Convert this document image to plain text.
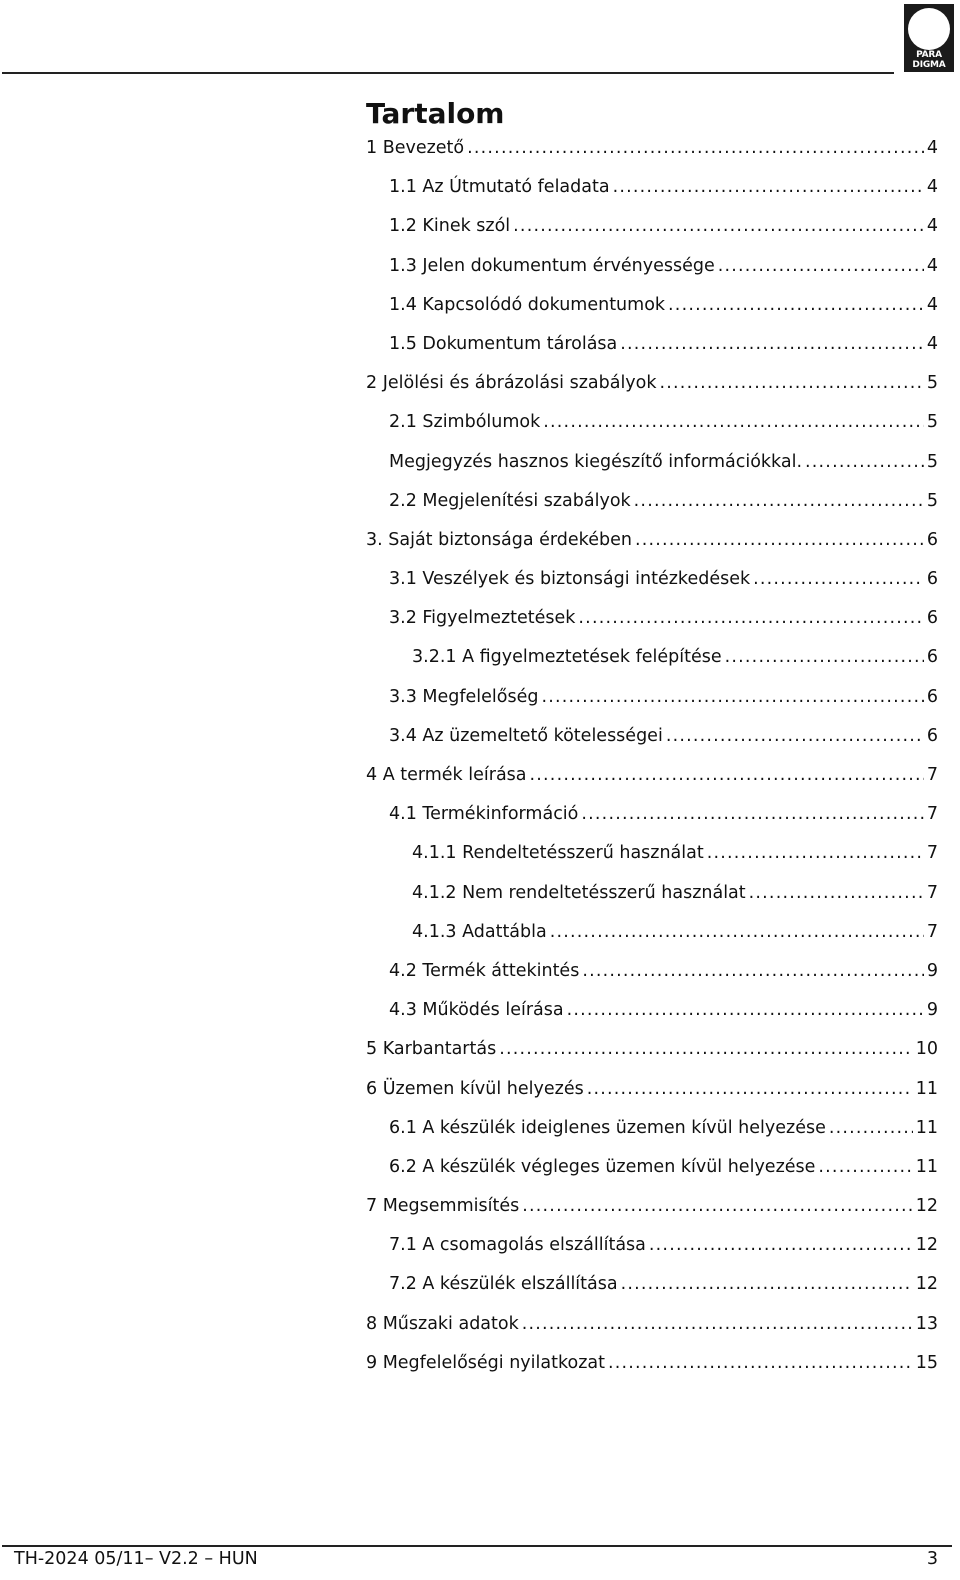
PARA
DIGMA
Tartalom
1 Bevezető .....	4
1.1 Az Útmutató feladata .....	4
1.2 Kinek szól .....	4
1.3 Jelen dokumentum érvényessége .....	4
1.4 Kapcsolódó dokumentumok .....	4
1.5 Dokumentum tárolása .....	4
2 Jelölési és ábrázolási szabályok .....	5
2.1 Szimbólumok .....	5
Megjegyzés hasznos kiegészítő információkkal. .....	5
2.2 Megjelenítési szabályok .....	5
3. Saját biztonsága érdekében .....	6
3.1 Veszélyek és biztonsági intézkedések .....	6
3.2 Figyelmeztetések .....	6
3.2.1 A figyelmeztetések felépítése .....	6
3.3 Megfelelőség .....	6
3.4 Az üzemeltető kötelességei .....	6
4 A termék leírása .....	7
4.1 Termékinformáció .....	7
4.1.1 Rendeltetésszerű használat .....	7
4.1.2 Nem rendeltetésszerű használat .....	7
4.1.3 Adattábla .....	7
4.2 Termék áttekintés .....	9
4.3 Működés leírása .....	9
5 Karbantartás .....	10
6 Üzemen kívül helyezés .....	11
6.1 A készülék ideiglenes üzemen kívül helyezése .....	11
6.2 A készülék végleges üzemen kívül helyezése .....	11
7 Megsemmisítés .....	12
7.1 A csomagolás elszállítása .....	12
7.2 A készülék elszállítása .....	12
8 Műszaki adatok .....	13
9 Megfelelőségi nyilatkozat .....	15
TH-2024 05/11– V2.2 – HUN	3
